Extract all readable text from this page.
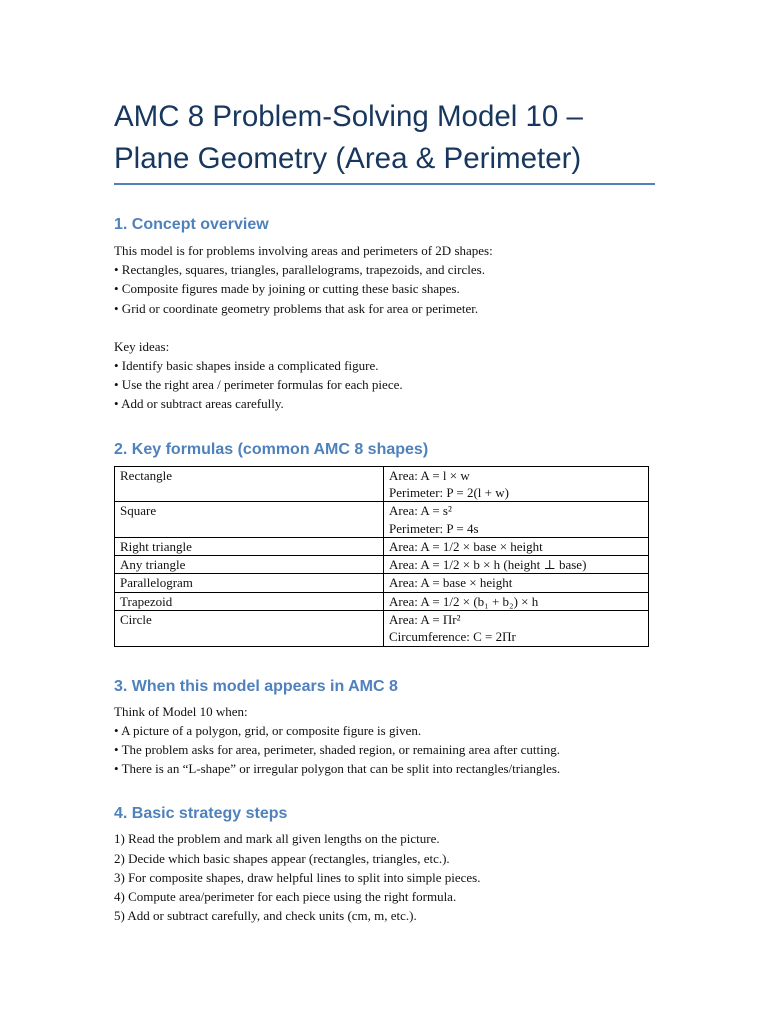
AMC 8 Problem-Solving Model 10 –
Plane Geometry (Area & Perimeter)
1. Concept overview

This model is for problems involving areas and perimeters of 2D shapes:

• Rectangles, squares, triangles, parallelograms, trapezoids, and circles.

• Composite figures made by joining or cutting these basic shapes.

• Grid or coordinate geometry problems that ask for area or perimeter.

Key ideas:

• Identify basic shapes inside a complicated figure.

• Use the right area / perimeter formulas for each piece.

• Add or subtract areas carefully.

2. Key formulas (common AMC 8 shapes)
Rectangle	Area: A = l × w
Perimeter: P = 2(l + w)

Square	Area: A = s²
Perimeter: P = 4s

Right triangle	Area: A = 1/2 × base × height

Any triangle	Area: A = 1/2 × b × h (height ⊥ base)

Parallelogram	Area: A = base × height

Trapezoid	Area: A = 1/2 × (b₁ + b₂) × h

Circle	Area: A = Πr²
Circumference: C = 2Πr
3. When this model appears in AMC 8

Think of Model 10 when:

• A picture of a polygon, grid, or composite figure is given.

• The problem asks for area, perimeter, shaded region, or remaining area after cutting.

• There is an “L-shape” or irregular polygon that can be split into rectangles/triangles.

4. Basic strategy steps

1) Read the problem and mark all given lengths on the picture.

2) Decide which basic shapes appear (rectangles, triangles, etc.).

3) For composite shapes, draw helpful lines to split into simple pieces.

4) Compute area/perimeter for each piece using the right formula.

5) Add or subtract carefully, and check units (cm, m, etc.).
